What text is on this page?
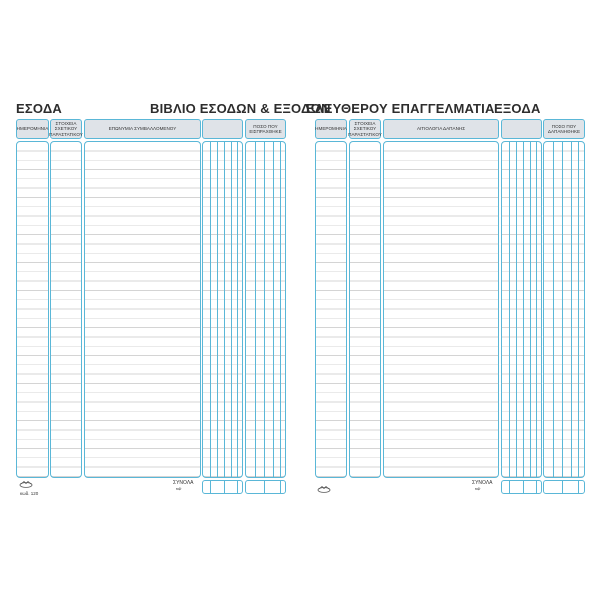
ΕΣΟΔΑ	ΒΙΒΛΙΟ ΕΣΟΔΩΝ & ΕΞΟΔΩΝ
ΗΜΕΡΟΜΗΝΙΑ
ΣΤΟΙΧΕΙΑ ΣΧΕΤΙΚΟΥ ΠΑΡΑΣΤΑΤΙΚΟΥ
ΕΠΩΝΥΜΙΑ ΣΥΜΒΑΛΛΟΜΕΝΟΥ
ΠΟΣΟ ΠΟΥ ΕΙΣΠΡΑΧΘΗΚΕ
ΣΥΝΟΛΑ
⇨
κωδ. 120
ΕΛΕΥΘΕΡΟΥ ΕΠΑΓΓΕΛΜΑΤΙΑ ΕΞΟΔΑ
ΗΜΕΡΟΜΗΝΙΑ
ΣΤΟΙΧΕΙΑ ΣΧΕΤΙΚΟΥ ΠΑΡΑΣΤΑΤΙΚΟΥ
ΑΙΤΙΟΛΟΓΙΑ ΔΑΠΑΝΗΣ
ΠΟΣΟ ΠΟΥ ΔΑΠΑΝΗΘΗΚΕ
ΣΥΝΟΛΑ
⇨
